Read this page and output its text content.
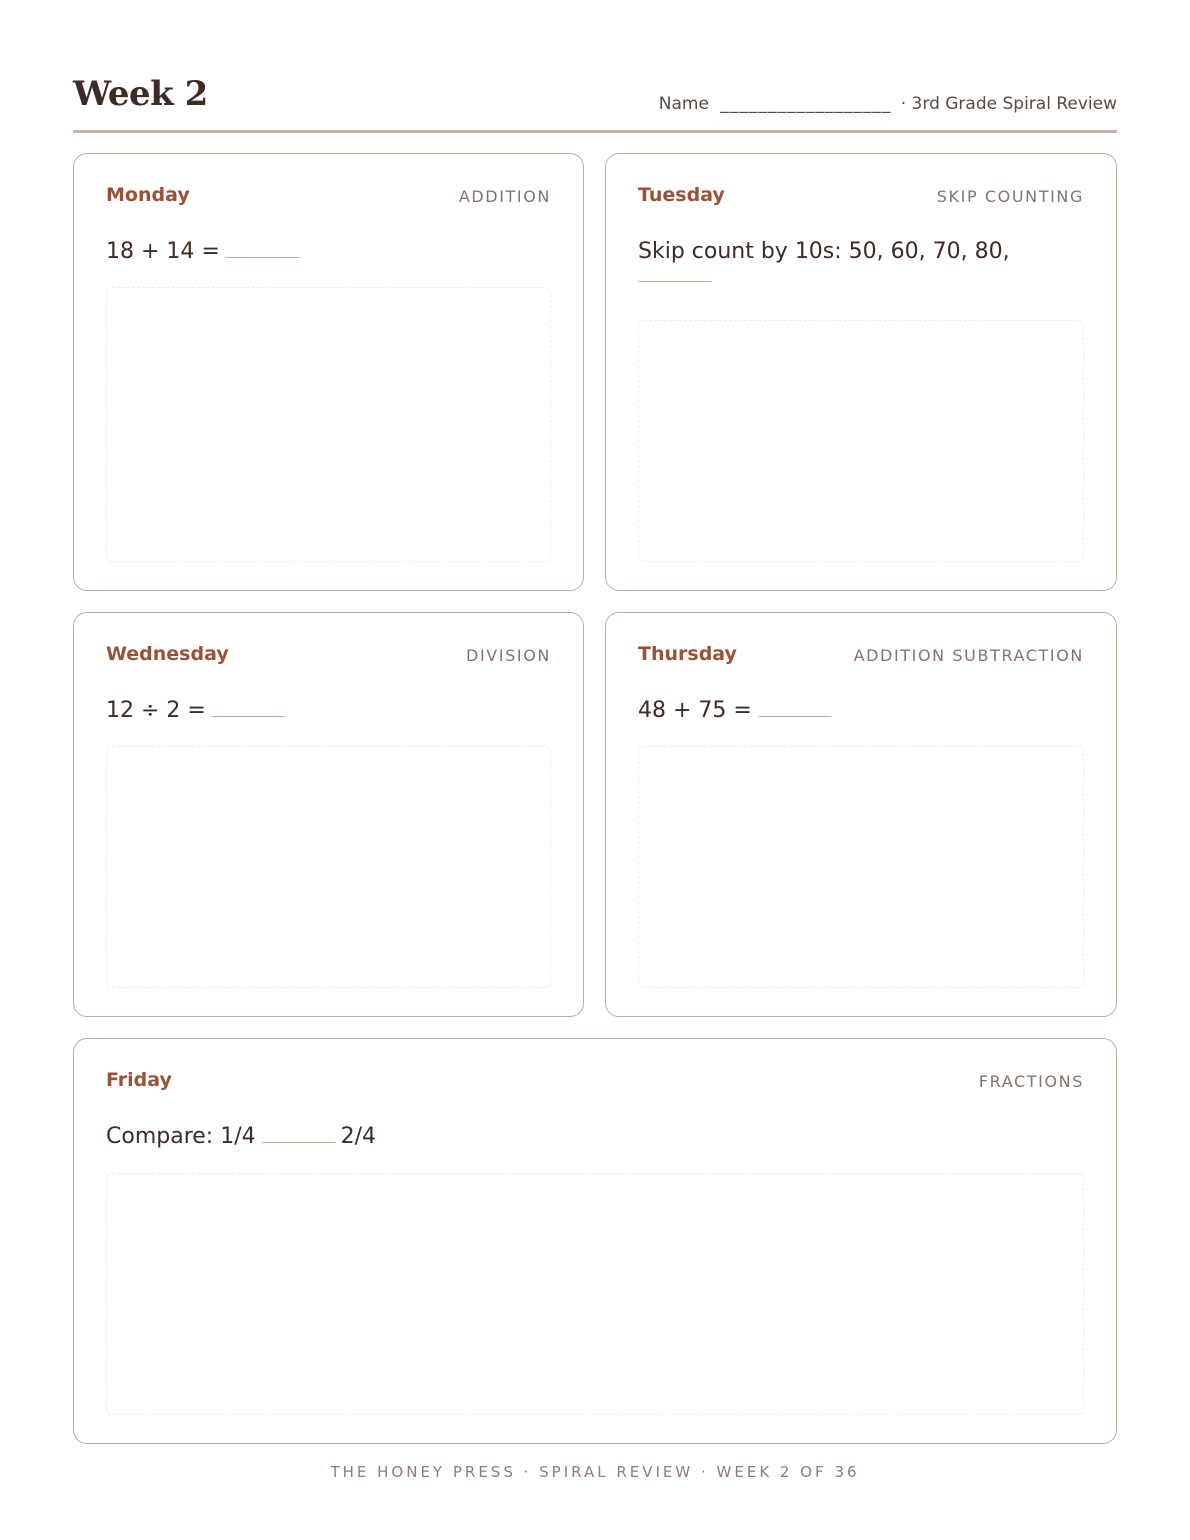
Week 2	Name __________________ · 3rd Grade Spiral Review
Monday	ADDITION
18 + 14 =
Tuesday	SKIP COUNTING
Skip count by 10s: 50, 60, 70, 80,
Wednesday	DIVISION
12 ÷ 2 =
Thursday	ADDITION SUBTRACTION
48 + 75 =
Friday	FRACTIONS
Compare: 1/4	2/4
THE HONEY PRESS · SPIRAL REVIEW · WEEK 2 OF 36
